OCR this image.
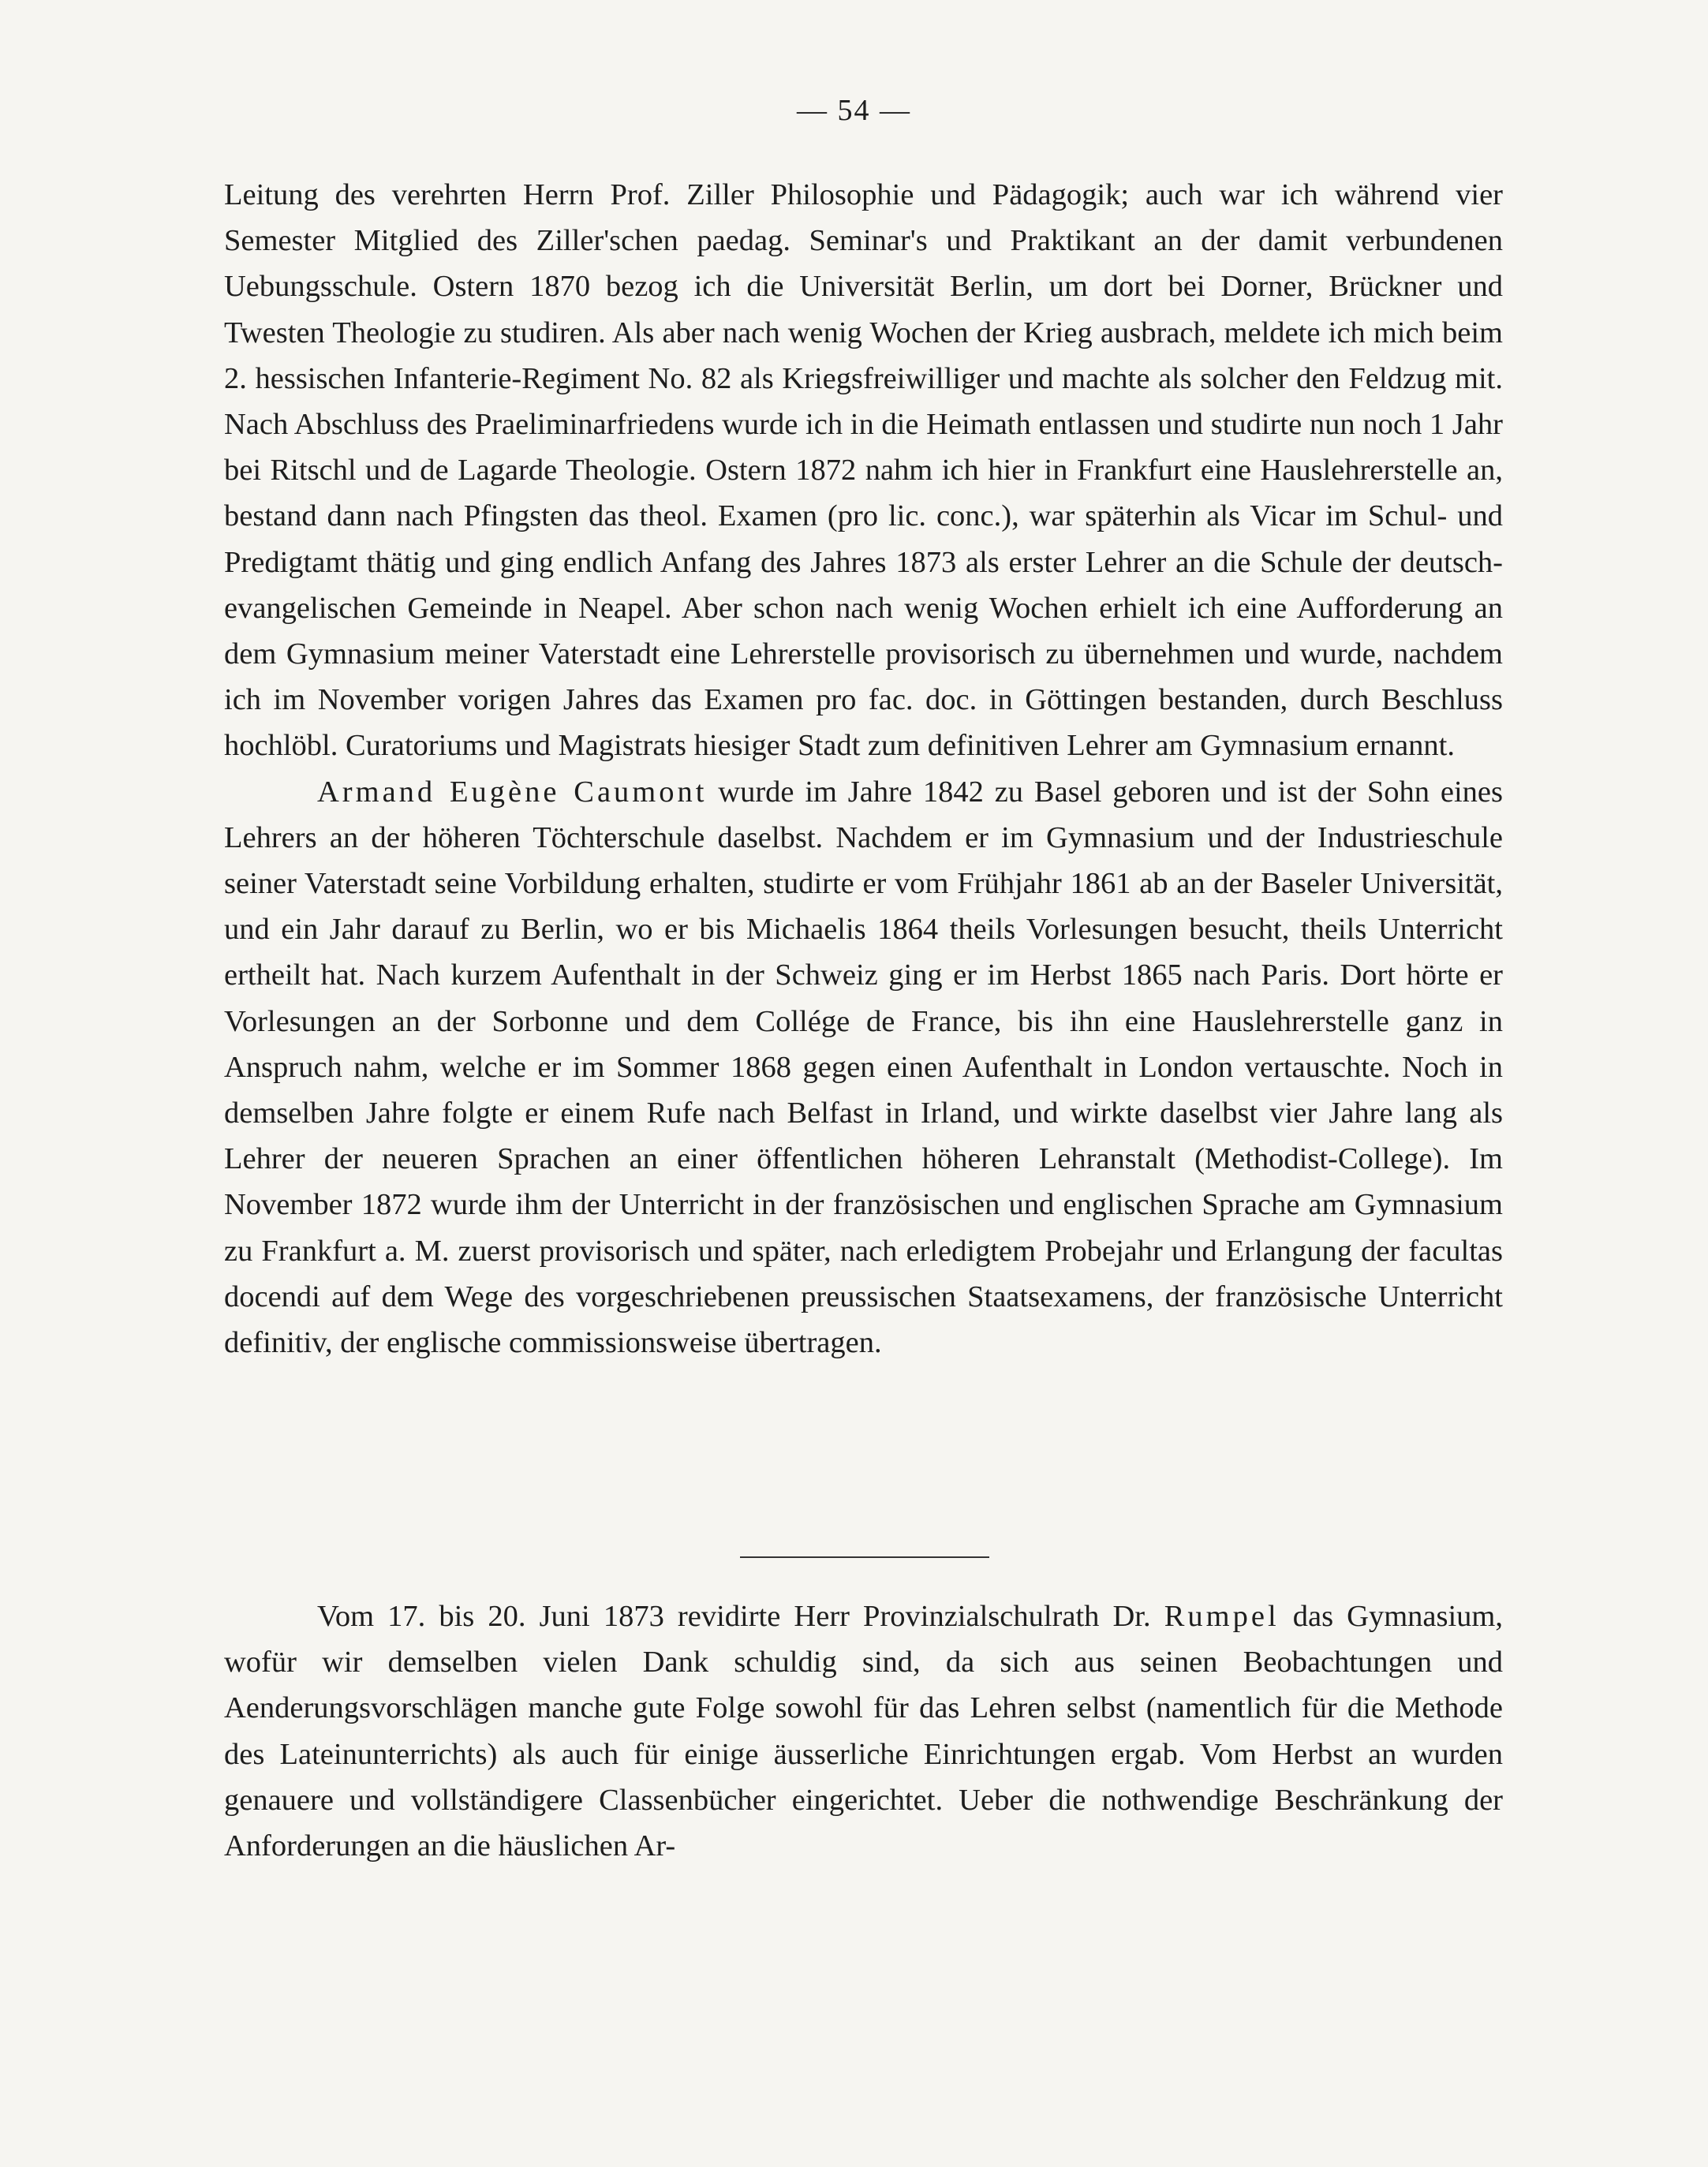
— 54 —

Leitung des verehrten Herrn Prof. Ziller Philosophie und Pädagogik; auch war ich während vier Semester Mitglied des Ziller'schen paedag. Seminar's und Praktikant an der damit verbundenen Uebungsschule. Ostern 1870 bezog ich die Universität Berlin, um dort bei Dorner, Brückner und Twesten Theologie zu studiren. Als aber nach wenig Wochen der Krieg ausbrach, meldete ich mich beim 2. hessischen Infanterie-Regiment No. 82 als Kriegsfreiwilliger und machte als solcher den Feldzug mit. Nach Abschluss des Praeliminarfriedens wurde ich in die Heimath entlassen und studirte nun noch 1 Jahr bei Ritschl und de Lagarde Theologie. Ostern 1872 nahm ich hier in Frankfurt eine Hauslehrerstelle an, bestand dann nach Pfingsten das theol. Examen (pro lic. conc.), war späterhin als Vicar im Schul- und Predigtamt thätig und ging endlich Anfang des Jahres 1873 als erster Lehrer an die Schule der deutsch-evangelischen Gemeinde in Neapel. Aber schon nach wenig Wochen erhielt ich eine Aufforderung an dem Gymnasium meiner Vaterstadt eine Lehrerstelle provisorisch zu übernehmen und wurde, nachdem ich im November vorigen Jahres das Examen pro fac. doc. in Göttingen bestanden, durch Beschluss hochlöbl. Curatoriums und Magistrats hiesiger Stadt zum definitiven Lehrer am Gymnasium ernannt.

Armand Eugène Caumont wurde im Jahre 1842 zu Basel geboren und ist der Sohn eines Lehrers an der höheren Töchterschule daselbst. Nachdem er im Gymnasium und der Industrieschule seiner Vaterstadt seine Vorbildung erhalten, studirte er vom Frühjahr 1861 ab an der Baseler Universität, und ein Jahr darauf zu Berlin, wo er bis Michaelis 1864 theils Vorlesungen besucht, theils Unterricht ertheilt hat. Nach kurzem Aufenthalt in der Schweiz ging er im Herbst 1865 nach Paris. Dort hörte er Vorlesungen an der Sorbonne und dem Collége de France, bis ihn eine Hauslehrerstelle ganz in Anspruch nahm, welche er im Sommer 1868 gegen einen Aufenthalt in London vertauschte. Noch in demselben Jahre folgte er einem Rufe nach Belfast in Irland, und wirkte daselbst vier Jahre lang als Lehrer der neueren Sprachen an einer öffentlichen höheren Lehranstalt (Methodist-College). Im November 1872 wurde ihm der Unterricht in der französischen und englischen Sprache am Gymnasium zu Frankfurt a. M. zuerst provisorisch und später, nach erledigtem Probejahr und Erlangung der facultas docendi auf dem Wege des vorgeschriebenen preussischen Staatsexamens, der französische Unterricht definitiv, der englische commissionsweise übertragen.

Vom 17. bis 20. Juni 1873 revidirte Herr Provinzialschulrath Dr. Rumpel das Gymnasium, wofür wir demselben vielen Dank schuldig sind, da sich aus seinen Beobachtungen und Aenderungsvorschlägen manche gute Folge sowohl für das Lehren selbst (namentlich für die Methode des Lateinunterrichts) als auch für einige äusserliche Einrichtungen ergab. Vom Herbst an wurden genauere und vollständigere Classenbücher eingerichtet. Ueber die nothwendige Beschränkung der Anforderungen an die häuslichen Ar-
